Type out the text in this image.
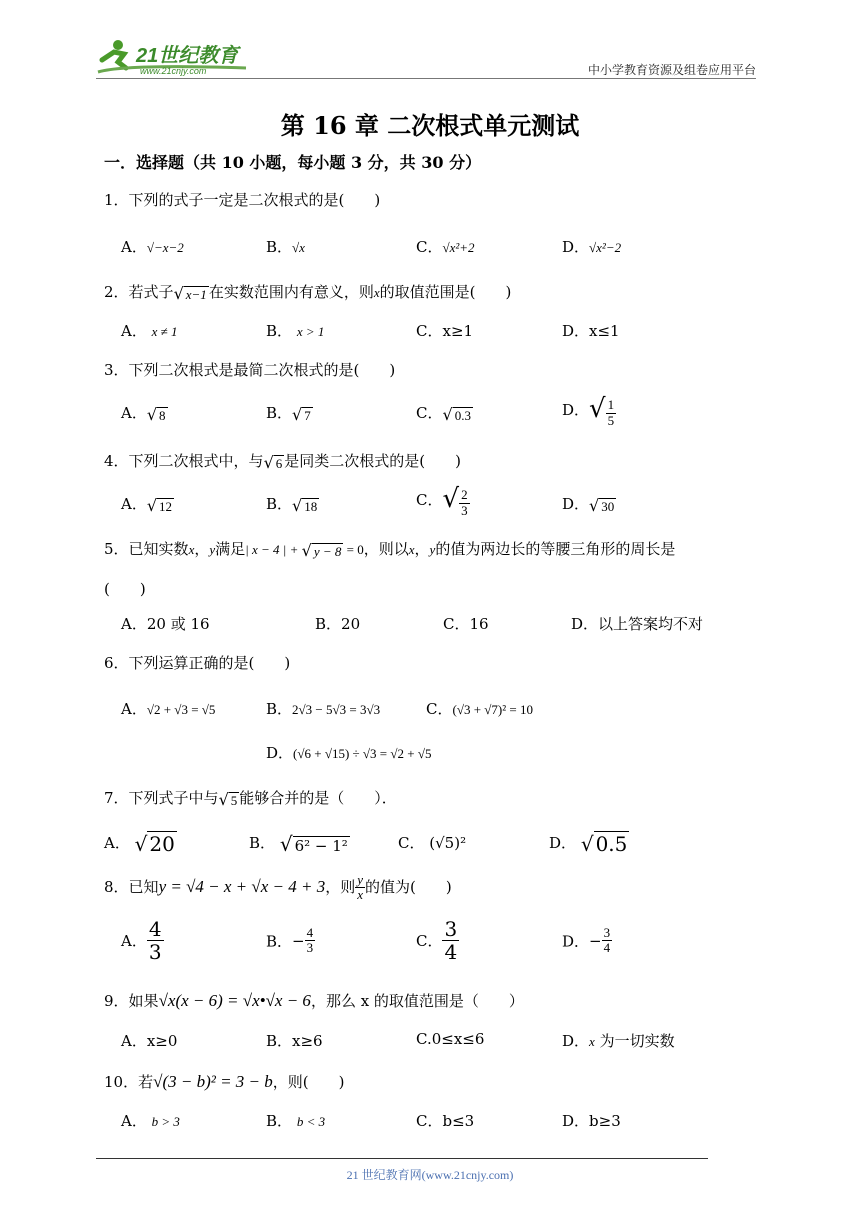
21世纪教育
www.21cnjy.com	中小学教育资源及组卷应用平台
第 16 章 二次根式单元测试
一．选择题（共 10 小题，每小题 3 分，共 30 分）
1．下列的式子一定是二次根式的是(　　)
A．√−x−2	B．√x	C．√x²+2	D．√x²−2
2．若式子√ x−1 在实数范围内有意义，则x的取值范围是(　　)
A． x ≠ 1	B． x > 1	C．x≥1	D．x≤1
3．下列二次根式是最简二次根式的是(　　)
A．√ 8	B．√ 7	C．√ 0.3	D．√ $\frac{1}{5}$
4．下列二次根式中，与√ 6 是同类二次根式的是(　　)
A．√ 12	B．√ 18	C．√ $\frac{2}{3}$	D．√ 30
5．已知实数x，y满足| x − 4 | + √ y − 8 = 0，则以x，y的值为两边长的等腰三角形的周长是
(　　)
A．20 或 16	B．20	C．16	D．以上答案均不对
6．下列运算正确的是(　　)
A．√2 + √3 = √5	B．2√3 − 5√3 = 3√3	C．(√3 + √7)² = 10
D．(√6 + √15) ÷ √3 = √2 + √5
7．下列式子中与√ 5 能够合并的是（　　）．
A． √ 20	B． √ 6² − 1²	C． (√5)²	D． √ 0.5
8．已知y = √4 − x + √x − 4 + 3，则 $\frac{y}{x}$ 的值为(　　)
A． $\frac{4}{3}$	B．− $\frac{4}{3}$	C． $\frac{3}{4}$	D．− $\frac{3}{4}$
9．如果√x(x − 6) = √x•√x − 6，那么 x 的取值范围是（　　）
A．x≥0	B．x≥6	C.0≤x≤6	D．x 为一切实数
10．若√(3 − b)² = 3 − b，则(　　)
A． b > 3	B． b < 3	C．b≤3	D．b≥3
21 世纪教育网(www.21cnjy.com)
